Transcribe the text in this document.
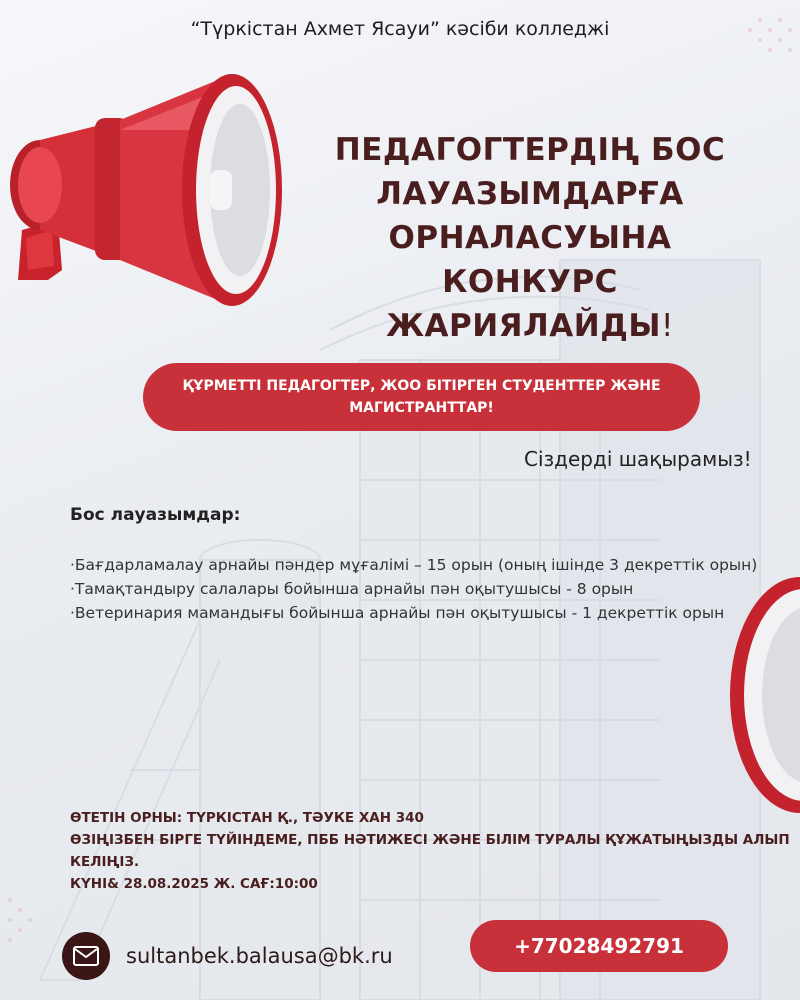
“Түркістан Ахмет Ясауи” кәсіби колледжі
ПЕДАГОГТЕРДІҢ БОС
ЛАУАЗЫМДАРҒА
ОРНАЛАСУЫНА КОНКУРС
ЖАРИЯЛАЙДЫ!
ҚҰРМЕТТІ ПЕДАГОГТЕР, ЖОО БІТІРГЕН СТУДЕНТТЕР ЖӘНЕ МАГИСТРАНТТАР!
Сіздерді шақырамыз!
Бос лауазымдар:
·Бағдарламалау арнайы пәндер мұғалімі – 15 орын (оның ішінде 3 декреттік орын)
·Тамақтандыру салалары бойынша арнайы пән оқытушысы - 8 орын
·Ветеринария мамандығы бойынша арнайы пән оқытушысы - 1 декреттік орын
ӨТЕТІН ОРНЫ: ТҮРКІСТАН Қ., ТӘУКЕ ХАН 340
ӨЗІҢІЗБЕН БІРГЕ ТҮЙІНДЕМЕ, ПББ НӘТИЖЕСІ ЖӘНЕ БІЛІМ ТУРАЛЫ ҚҰЖАТЫҢЫЗДЫ АЛЫП КЕЛІҢІЗ.
КҮНІ& 28.08.2025 Ж. САҒ:10:00
sultanbek.balausa@bk.ru	+77028492791
